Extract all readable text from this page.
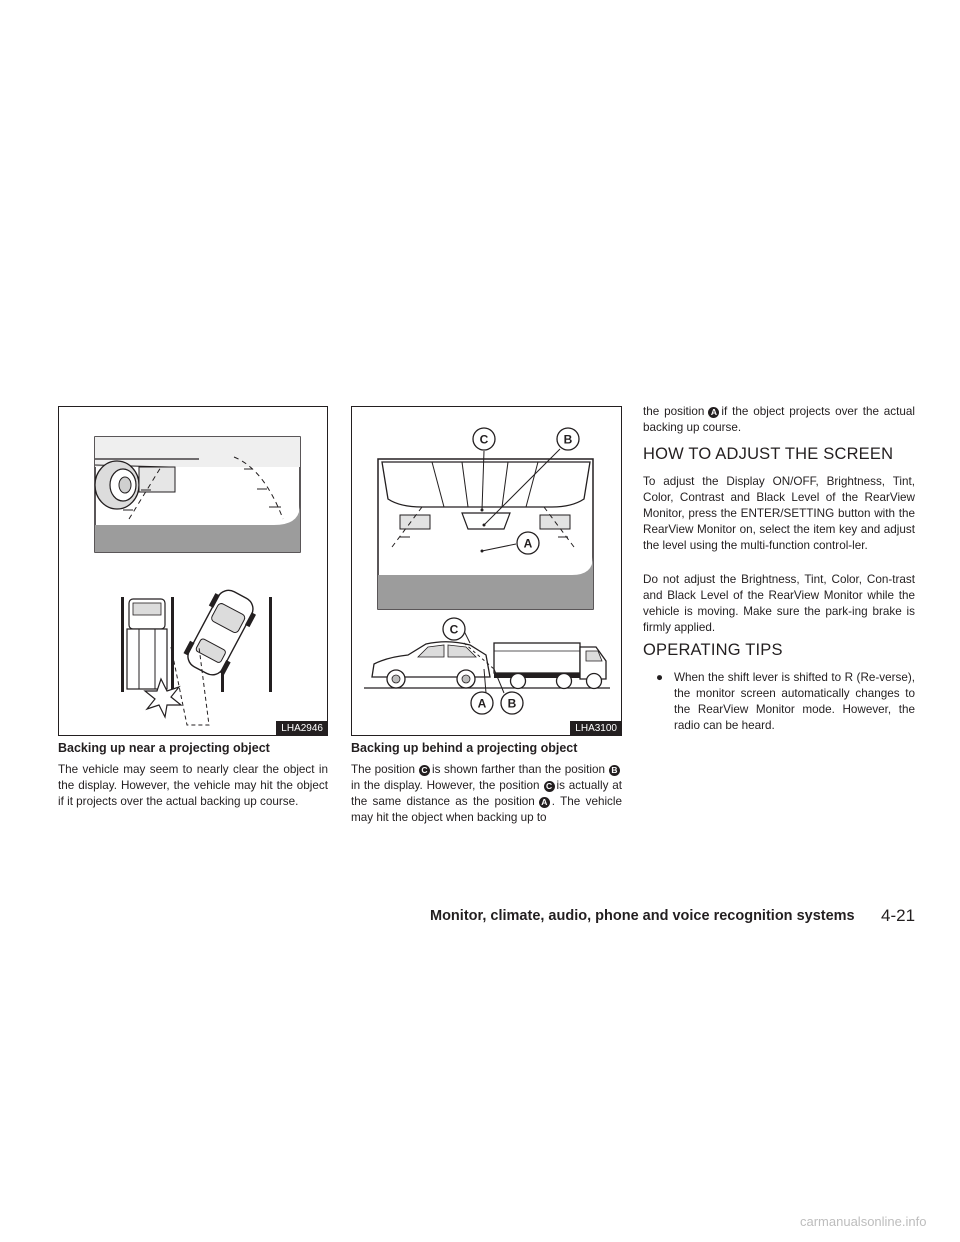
LHA2946
C	B
A
C
A B
LHA3100
Backing up near a projecting object

The vehicle may seem to nearly clear the object in the display. However, the vehicle may hit the object if it projects over the actual backing up course.

Backing up behind a projecting object

The position C is shown farther than the position Bin the display. However, the position C is actually at the same distance as the position A . The vehicle may hit the object when backing up to

the position A if the object projects over the actual backing up course.

HOW TO ADJUST THE SCREEN

To adjust the Display ON/OFF, Brightness, Tint, Color, Contrast and Black Level of the RearView Monitor, press the ENTER/SETTING button with the RearView Monitor on, select the item key and adjust the level using the multi-function control-ler.

Do not adjust the Brightness, Tint, Color, Con-trast and Black Level of the RearView Monitor while the vehicle is moving. Make sure the park-ing brake is firmly applied.

OPERATING TIPS
● When the shift lever is shifted to R (Re-verse), the monitor screen automatically changes to the RearView Monitor mode. However, the radio can be heard.
Monitor, climate, audio, phone and voice recognition systems 4-21
carmanualsonline.info
